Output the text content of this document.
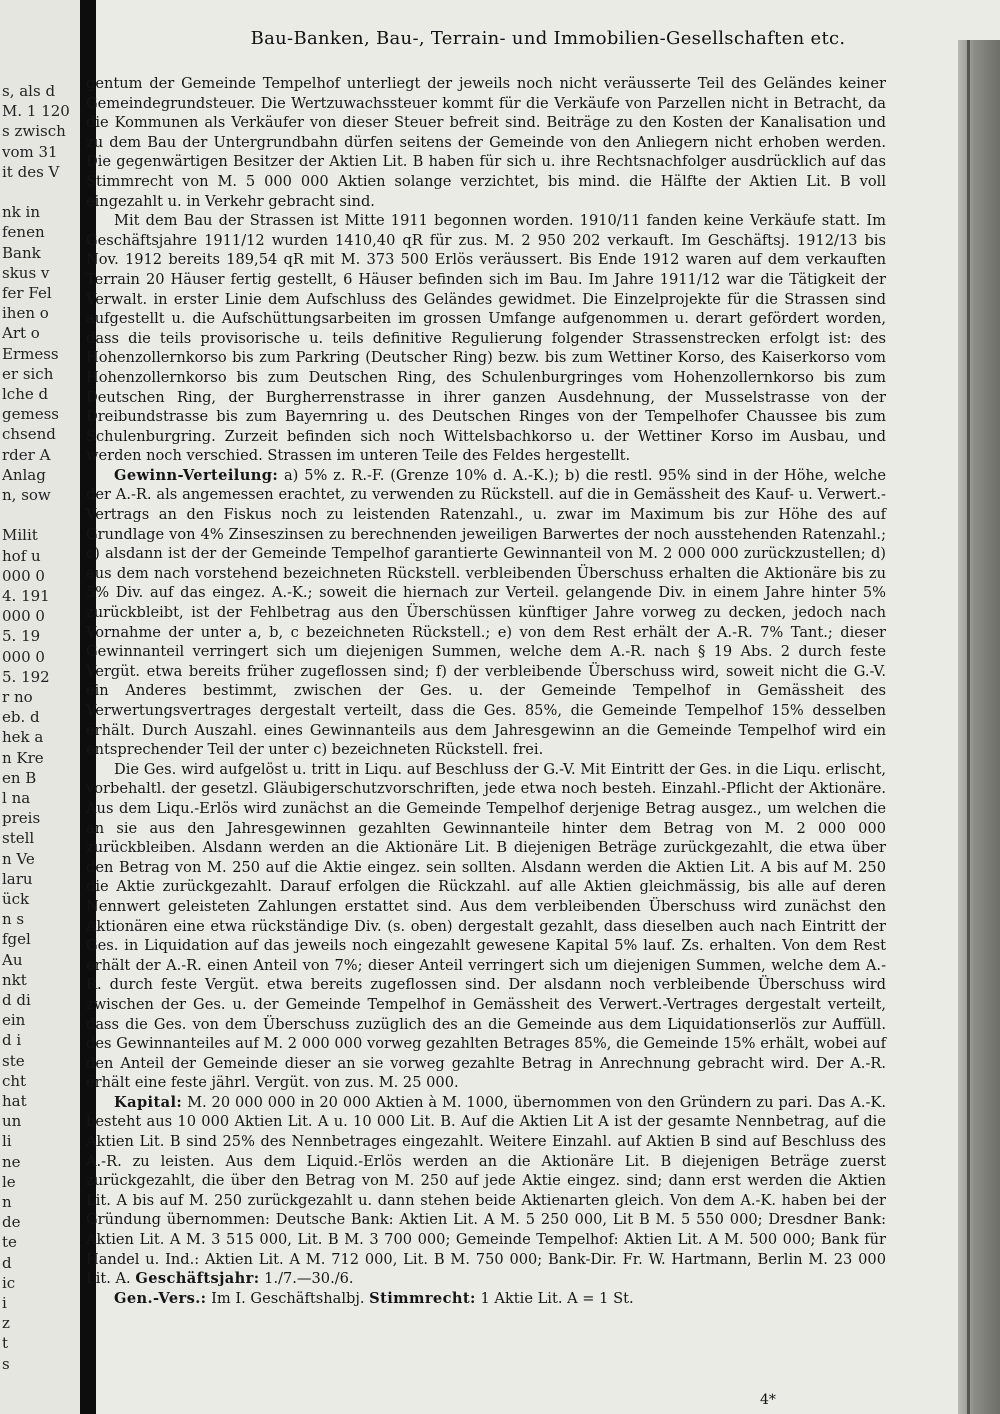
s, als d
M. 1 120
s zwisch
vom 31
it des V
nk in
fenen
Bank
skus v
fer Fel
ihen o
Art o
Ermess
er sich
lche d
gemess
chsend
rder A
Anlag
n, sow
Milit
hof u
000 0
4. 191
000 0
5. 19
000 0
5. 192
r no
eb. d
hek a
n Kre
en B
l na
preis
stell
n Ve
laru
ück
n s
fgel
Au
nkt
d di
ein
d i
ste
cht
hat
un
li
ne
le
n
de
te
d
ic
i
z
t
s
Bau-Banken, Bau-, Terrain- und Immobilien-Gesellschaften etc.

gentum der Gemeinde Tempelhof unterliegt der jeweils noch nicht veräusserte Teil des Geländes keiner Gemeindegrundsteuer. Die Wertzuwachssteuer kommt für die Verkäufe von Parzellen nicht in Betracht, da die Kommunen als Verkäufer von dieser Steuer befreit sind. Beiträge zu den Kosten der Kanalisation und zu dem Bau der Untergrundbahn dürfen seitens der Gemeinde von den Anliegern nicht erhoben werden. Die gegenwärtigen Besitzer der Aktien Lit. B haben für sich u. ihre Rechtsnachfolger ausdrücklich auf das Stimmrecht von M. 5 000 000 Aktien solange verzichtet, bis mind. die Hälfte der Aktien Lit. B voll eingezahlt u. in Verkehr gebracht sind.

Mit dem Bau der Strassen ist Mitte 1911 begonnen worden. 1910/11 fanden keine Verkäufe statt. Im Geschäftsjahre 1911/12 wurden 1410,40 qR für zus. M. 2 950 202 verkauft. Im Geschäftsj. 1912/13 bis Nov. 1912 bereits 189,54 qR mit M. 373 500 Erlös veräussert. Bis Ende 1912 waren auf dem verkauften Terrain 20 Häuser fertig gestellt, 6 Häuser befinden sich im Bau. Im Jahre 1911/12 war die Tätigkeit der Verwalt. in erster Linie dem Aufschluss des Geländes gewidmet. Die Einzelprojekte für die Strassen sind aufgestellt u. die Aufschüttungsarbeiten im grossen Umfange aufgenommen u. derart gefördert worden, dass die teils provisorische u. teils definitive Regulierung folgender Strassenstrecken erfolgt ist: des Hohenzollernkorso bis zum Parkring (Deutscher Ring) bezw. bis zum Wettiner Korso, des Kaiserkorso vom Hohenzollernkorso bis zum Deutschen Ring, des Schulenburgringes vom Hohenzollernkorso bis zum Deutschen Ring, der Burgherrenstrasse in ihrer ganzen Ausdehnung, der Musselstrasse von der Dreibundstrasse bis zum Bayernring u. des Deutschen Ringes von der Tempelhofer Chaussee bis zum Schulenburgring. Zurzeit befinden sich noch Wittelsbachkorso u. der Wettiner Korso im Ausbau, und werden noch verschied. Strassen im unteren Teile des Feldes hergestellt.

Gewinn-Verteilung: a) 5% z. R.-F. (Grenze 10% d. A.-K.); b) die restl. 95% sind in der Höhe, welche der A.-R. als angemessen erachtet, zu verwenden zu Rückstell. auf die in Gemässheit des Kauf- u. Verwert.-Vertrags an den Fiskus noch zu leistenden Ratenzahl., u. zwar im Maximum bis zur Höhe des auf Grundlage von 4% Zinseszinsen zu berechnenden jeweiligen Barwertes der noch ausstehenden Ratenzahl.; c) alsdann ist der der Gemeinde Tempelhof garantierte Gewinnanteil von M. 2 000 000 zurückzustellen; d) aus dem nach vorstehend bezeichneten Rückstell. verbleibenden Überschuss erhalten die Aktionäre bis zu 5% Div. auf das eingez. A.-K.; soweit die hiernach zur Verteil. gelangende Div. in einem Jahre hinter 5% zurückbleibt, ist der Fehlbetrag aus den Überschüssen künftiger Jahre vorweg zu decken, jedoch nach Vornahme der unter a, b, c bezeichneten Rückstell.; e) von dem Rest erhält der A.-R. 7% Tant.; dieser Gewinnanteil verringert sich um diejenigen Summen, welche dem A.-R. nach § 19 Abs. 2 durch feste Vergüt. etwa bereits früher zugeflossen sind; f) der verbleibende Überschuss wird, soweit nicht die G.-V. ein Anderes bestimmt, zwischen der Ges. u. der Gemeinde Tempelhof in Gemässheit des Verwertungsvertrages dergestalt verteilt, dass die Ges. 85%, die Gemeinde Tempelhof 15% desselben erhält. Durch Auszahl. eines Gewinnanteils aus dem Jahresgewinn an die Gemeinde Tempelhof wird ein entsprechender Teil der unter c) bezeichneten Rückstell. frei.

Die Ges. wird aufgelöst u. tritt in Liqu. auf Beschluss der G.-V. Mit Eintritt der Ges. in die Liqu. erlischt, vorbehaltl. der gesetzl. Gläubigerschutzvorschriften, jede etwa noch besteh. Einzahl.-Pflicht der Aktionäre. Aus dem Liqu.-Erlös wird zunächst an die Gemeinde Tempelhof derjenige Betrag ausgez., um welchen die an sie aus den Jahresgewinnen gezahlten Gewinnanteile hinter dem Betrag von M. 2 000 000 zurückbleiben. Alsdann werden an die Aktionäre Lit. B diejenigen Beträge zurückgezahlt, die etwa über den Betrag von M. 250 auf die Aktie eingez. sein sollten. Alsdann werden die Aktien Lit. A bis auf M. 250 die Aktie zurückgezahlt. Darauf erfolgen die Rückzahl. auf alle Aktien gleichmässig, bis alle auf deren Nennwert geleisteten Zahlungen erstattet sind. Aus dem verbleibenden Überschuss wird zunächst den Aktionären eine etwa rückständige Div. (s. oben) dergestalt gezahlt, dass dieselben auch nach Eintritt der Ges. in Liquidation auf das jeweils noch eingezahlt gewesene Kapital 5% lauf. Zs. erhalten. Von dem Rest erhält der A.-R. einen Anteil von 7%; dieser Anteil verringert sich um diejenigen Summen, welche dem A.-R. durch feste Vergüt. etwa bereits zugeflossen sind. Der alsdann noch verbleibende Überschuss wird zwischen der Ges. u. der Gemeinde Tempelhof in Gemässheit des Verwert.-Vertrages dergestalt verteilt, dass die Ges. von dem Überschuss zuzüglich des an die Gemeinde aus dem Liquidationserlös zur Auffüll. des Gewinnanteiles auf M. 2 000 000 vorweg gezahlten Betrages 85%, die Gemeinde 15% erhält, wobei auf den Anteil der Gemeinde dieser an sie vorweg gezahlte Betrag in Anrechnung gebracht wird. Der A.-R. erhält eine feste jährl. Vergüt. von zus. M. 25 000.

Kapital: M. 20 000 000 in 20 000 Aktien à M. 1000, übernommen von den Gründern zu pari. Das A.-K. besteht aus 10 000 Aktien Lit. A u. 10 000 Lit. B. Auf die Aktien Lit A ist der gesamte Nennbetrag, auf die Aktien Lit. B sind 25% des Nennbetrages eingezahlt. Weitere Einzahl. auf Aktien B sind auf Beschluss des A.-R. zu leisten. Aus dem Liquid.-Erlös werden an die Aktionäre Lit. B diejenigen Beträge zuerst zurückgezahlt, die über den Betrag von M. 250 auf jede Aktie eingez. sind; dann erst werden die Aktien Lit. A bis auf M. 250 zurückgezahlt u. dann stehen beide Aktienarten gleich. Von dem A.-K. haben bei der Gründung übernommen: Deutsche Bank: Aktien Lit. A M. 5 250 000, Lit B M. 5 550 000; Dresdner Bank: Aktien Lit. A M. 3 515 000, Lit. B M. 3 700 000; Gemeinde Tempelhof: Aktien Lit. A M. 500 000; Bank für Handel u. Ind.: Aktien Lit. A M. 712 000, Lit. B M. 750 000; Bank-Dir. Fr. W. Hartmann, Berlin M. 23 000 Lit. A. Geschäftsjahr: 1./7.—30./6.

Gen.-Vers.: Im I. Geschäftshalbj. Stimmrecht: 1 Aktie Lit. A = 1 St.

4*
